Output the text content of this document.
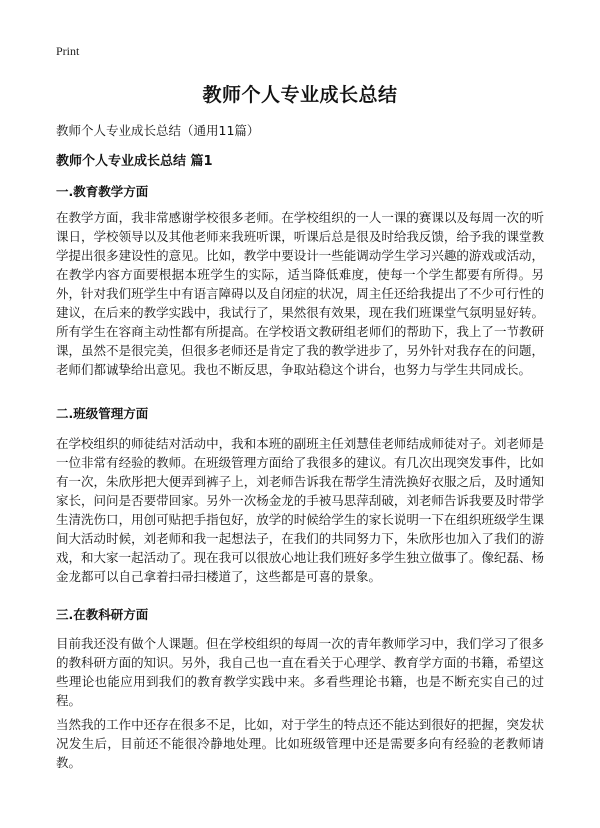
Print
教师个人专业成长总结

教师个人专业成长总结（通用11篇）

教师个人专业成长总结 篇1
一.教育教学方面

在教学方面，我非常感谢学校很多老师。在学校组织的一人一课的赛课以及每周一次的听课日，学校领导以及其他老师来我班听课，听课后总是很及时给我反馈，给予我的课堂教学提出很多建设性的意见。比如，教学中要设计一些能调动学生学习兴趣的游戏或活动，在教学内容方面要根据本班学生的实际，适当降低难度，使每一个学生都要有所得。另外，针对我们班学生中有语言障碍以及自闭症的状况，周主任还给我提出了不少可行性的建议，在后来的教学实践中，我试行了，果然很有效果，现在我们班课堂气氛明显好转。所有学生在容商主动性都有所提高。在学校语文教研组老师们的帮助下，我上了一节教研课，虽然不是很完美，但很多老师还是肯定了我的教学进步了，另外针对我存在的问题，老师们都诚挚给出意见。我也不断反思，争取站稳这个讲台，也努力与学生共同成长。

二.班级管理方面

在学校组织的师徒结对活动中，我和本班的副班主任刘慧佳老师结成师徒对子。刘老师是一位非常有经验的教师。在班级管理方面给了我很多的建议。有几次出现突发事件，比如有一次，朱欣彤把大便弄到裤子上，刘老师告诉我在帮学生清洗换好衣服之后，及时通知家长，问问是否要带回家。另外一次杨金龙的手被马思萍刮破，刘老师告诉我要及时带学生清洗伤口，用创可贴把手指包好，放学的时候给学生的家长说明一下在组织班级学生课间大活动时候，刘老师和我一起想法子，在我们的共同努力下，朱欣彤也加入了我们的游戏，和大家一起活动了。现在我可以很放心地让我们班好多学生独立做事了。像纪磊、杨金龙都可以自己拿着扫帚扫楼道了，这些都是可喜的景象。

三.在教科研方面

目前我还没有做个人课题。但在学校组织的每周一次的青年教师学习中，我们学习了很多的教科研方面的知识。另外，我自己也一直在看关于心理学、教育学方面的书籍，希望这些理论也能应用到我们的教育教学实践中来。多看些理论书籍，也是不断充实自己的过程。

当然我的工作中还存在很多不足，比如，对于学生的特点还不能达到很好的把握，突发状况发生后，目前还不能很冷静地处理。比如班级管理中还是需要多向有经验的老教师请教。
